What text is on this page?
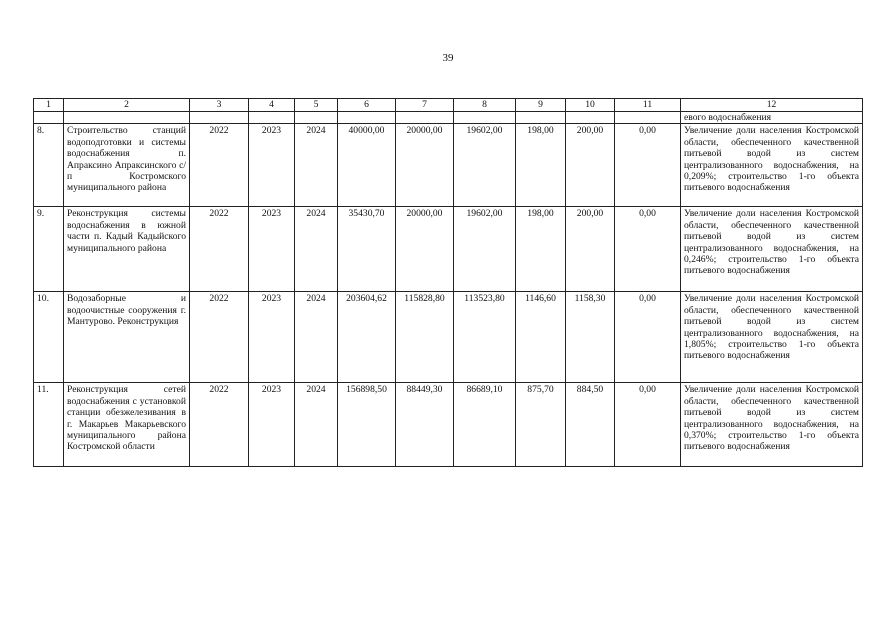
39
1	2	3	4	5	6	7	8	9	10	11	12
											евого водоснабжения
8.	Строительство станций водоподготовки и системы водоснабжения п. Апраксино Апраксинского с/п Костромского муниципального района	2022	2023	2024	40000,00	20000,00	19602,00	198,00	200,00	0,00	Увеличение доли населения Костромской области, обеспеченного качественной питьевой водой из систем централизованного водоснабжения, на 0,209%; строительство 1-го объекта питьевого водоснабжения
9.	Реконструкция системы водоснабжения в южной части п. Кадый Кадыйского муниципального района	2022	2023	2024	35430,70	20000,00	19602,00	198,00	200,00	0,00	Увеличение доли населения Костромской области, обеспеченного качественной питьевой водой из систем централизованного водоснабжения, на 0,246%; строительство 1-го объекта питьевого водоснабжения
10.	Водозаборные и водоочистные сооружения г. Мантурово. Реконструкция	2022	2023	2024	203604,62	115828,80	113523,80	1146,60	1158,30	0,00	Увеличение доли населения Костромской области, обеспеченного качественной питьевой водой из систем централизованного водоснабжения, на 1,805%; строительство 1-го объекта питьевого водоснабжения
11.	Реконструкция сетей водоснабжения с установкой станции обезжелезивания в г. Макарьев Макарьевского муниципального района Костромской области	2022	2023	2024	156898,50	88449,30	86689,10	875,70	884,50	0,00	Увеличение доли населения Костромской области, обеспеченного качественной питьевой водой из систем централизованного водоснабжения, на 0,370%; строительство 1-го объекта питьевого водоснабжения
